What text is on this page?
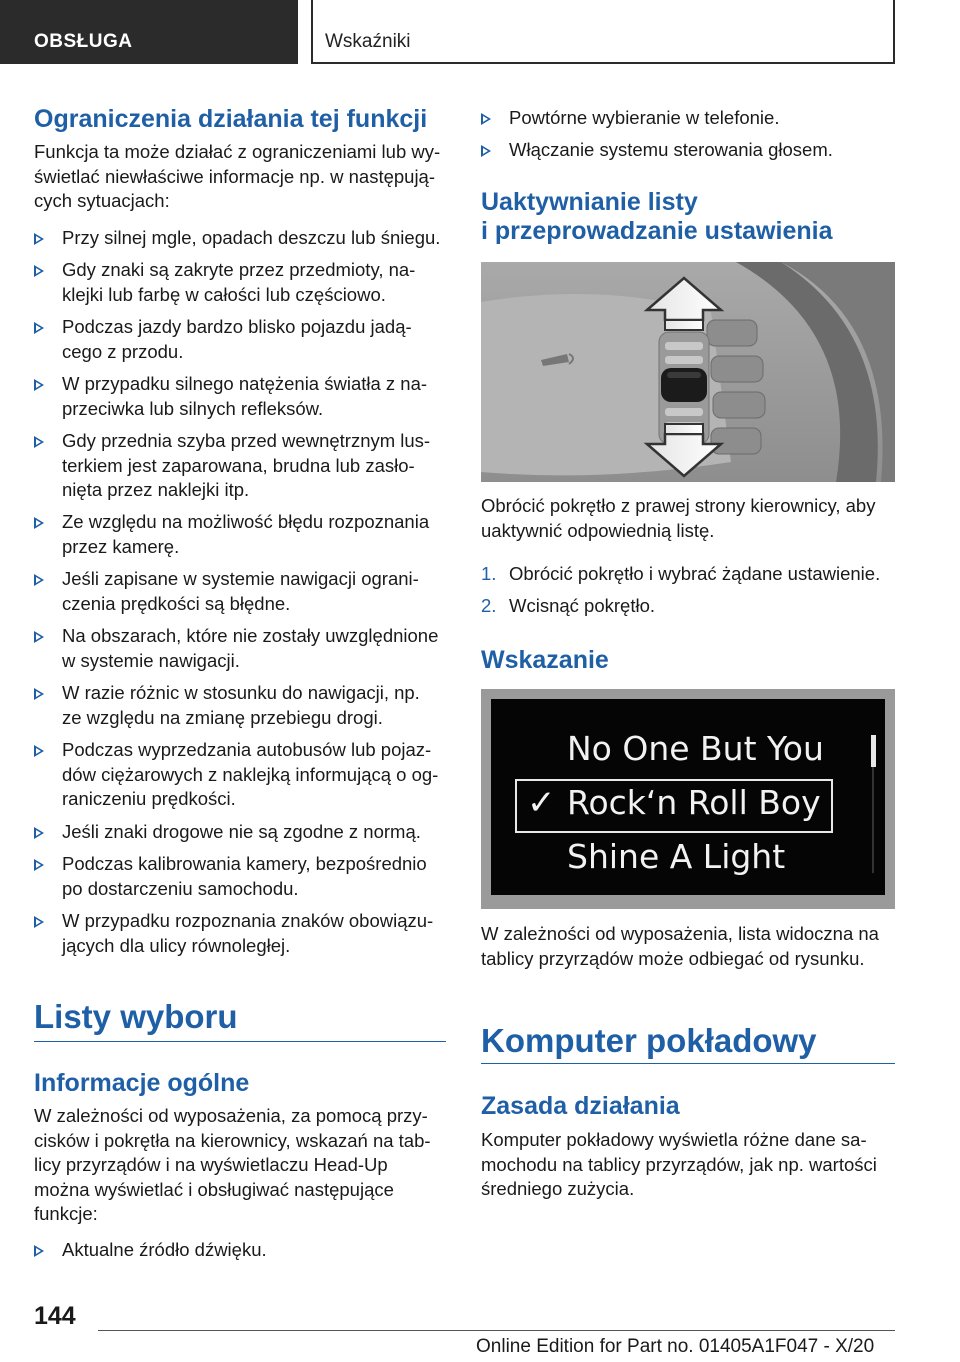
OBSŁUGA	Wskaźniki
Ograniczenia działania tej funkcji
Funkcja ta może działać z ograniczeniami lub wy-
świetlać niewłaściwe informacje np. w następują-
cych sytuacjach:
Przy silnej mgle, opadach deszczu lub śniegu.
Gdy znaki są zakryte przez przedmioty, na-
klejki lub farbę w całości lub częściowo.
Podczas jazdy bardzo blisko pojazdu jadą-
cego z przodu.
W przypadku silnego natężenia światła z na-
przeciwka lub silnych refleksów.
Gdy przednia szyba przed wewnętrznym lus-
terkiem jest zaparowana, brudna lub zasło-
nięta przez naklejki itp.
Ze względu na możliwość błędu rozpoznania
przez kamerę.
Jeśli zapisane w systemie nawigacji ograni-
czenia prędkości są błędne.
Na obszarach, które nie zostały uwzględnione
w systemie nawigacji.
W razie różnic w stosunku do nawigacji, np.
ze względu na zmianę przebiegu drogi.
Podczas wyprzedzania autobusów lub pojaz-
dów ciężarowych z naklejką informującą o og-
raniczeniu prędkości.
Jeśli znaki drogowe nie są zgodne z normą.
Podczas kalibrowania kamery, bezpośrednio
po dostarczeniu samochodu.
W przypadku rozpoznania znaków obowiązu-
jących dla ulicy równoległej.
Listy wyboru
Informacje ogólne
W zależności od wyposażenia, za pomocą przy-
cisków i pokrętła na kierownicy, wskazań na tab-
licy przyrządów i na wyświetlaczu Head-Up
można wyświetlać i obsługiwać następujące
funkcje:
Aktualne źródło dźwięku.
Powtórne wybieranie w telefonie.
Włączanie systemu sterowania głosem.
Uaktywnianie listy
i przeprowadzanie ustawienia
Obrócić pokrętło z prawej strony kierownicy, aby
uaktywnić odpowiednią listę.
1. Obrócić pokrętło i wybrać żądane ustawienie.
2. Wcisnąć pokrętło.
Wskazanie
No One But You
✓ Rock‘n Roll Boy
Shine A Light
W zależności od wyposażenia, lista widoczna na
tablicy przyrządów może odbiegać od rysunku.
Komputer pokładowy
Zasada działania
Komputer pokładowy wyświetla różne dane sa-
mochodu na tablicy przyrządów, jak np. wartości
średniego zużycia.
144
Online Edition for Part no. 01405A1F047 - X/20
